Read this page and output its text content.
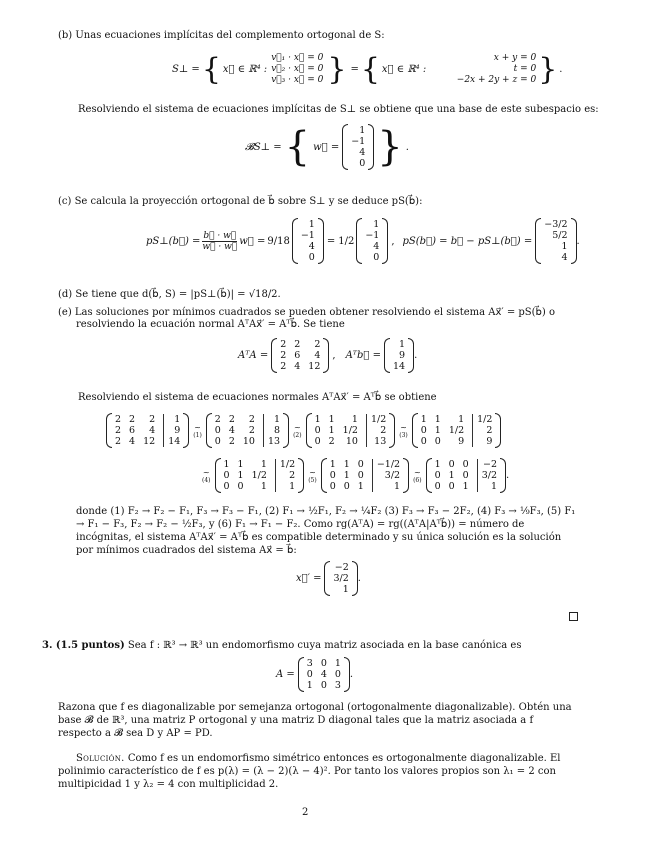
(b) Unas ecuaciones implícitas del complemento ortogonal de S:
S⊥ = { x⃗ ∈ ℝ⁴ :
v⃗₁ · x⃗ = 0
v⃗₂ · x⃗ = 0
v⃗₃ · x⃗ = 0 } = { x⃗ ∈ ℝ⁴ :
x + y = 0
t = 0
−2x + 2y + z = 0 } .
Resolviendo el sistema de ecuaciones implícitas de S⊥ se obtiene que una base de este subespacio es:
𝓑S⊥ = { w⃗ =
1
−1
4
0 } .
(c) Se calcula la proyección ortogonal de b⃗ sobre S⊥ y se deduce pS(b⃗):
pS⊥(b⃗) = b⃗ · w⃗
w⃗ · w⃗ w⃗ = 9/18
1
−1
4
0
= 1/2
1
−1
4
0
, pS(b⃗) = b⃗ − pS⊥(b⃗) =
−3/2
5/2
1
4
.
(d) Se tiene que d(b⃗, S) = |pS⊥(b⃗)| = √18/2.
(e) Las soluciones por mínimos cuadrados se pueden obtener resolviendo el sistema Ax⃗′ = pS(b⃗) o resolviendo la ecuación normal AᵀAx⃗′ = Aᵀb⃗. Se tiene
AᵀA =
2 2	2
2 6	4
2 4 12
, Aᵀb⃗ =
1
9
14
.
Resolviendo el sistema de ecuaciones normales AᵀAx⃗′ = Aᵀb⃗ se obtiene
2 2	2	1
2 6	4	9
2 4 12	14
~
(1)
2 2	2	1
0 4	2	8
0 2 10	13
~
(2)
1 1	1	1/2
0 1 1/2	2
0 2	10	13
~
(3)
1 1	1	1/2
0 1 1/2	2
0 0	9	9
~
(4)
1 1	1	1/2
0 1 1/2	2
0 0	1	1
~
(5)
1 1 0	−1/2
0 1 0	3/2
0 0 1	1
~
(6)
1 0 0	−2
0 1 0	3/2
0 0 1	1
.
donde (1) F₂ → F₂ − F₁, F₃ → F₃ − F₁, (2) F₁ → ½F₁, F₂ → ¼F₂ (3) F₃ → F₃ − 2F₂, (4) F₃ → ⅑F₃, (5) F₁ → F₁ − F₃, F₂ → F₂ − ½F₃, y (6) F₁ → F₁ − F₂. Como rg(AᵀA) = rg((AᵀA|Aᵀb⃗)) = número de incógnitas, el sistema AᵀAx⃗′ = Aᵀb⃗ es compatible determinado y su única solución es la solución por mínimos cuadrados del sistema Ax⃗ = b⃗:
x⃗′ =
−2
3/2
1
.
3. (1.5 puntos) Sea f : ℝ³ → ℝ³ un endomorfismo cuya matriz asociada en la base canónica es
A =
3 0 1
0 4 0
1 0 3
.
Razona que f es diagonalizable por semejanza ortogonal (ortogonalmente diagonalizable). Obtén una base 𝓑 de ℝ³, una matriz P ortogonal y una matriz D diagonal tales que la matriz asociada a f respecto a 𝓑 sea D y AP = PD.
Solución. Como f es un endomorfismo simétrico entonces es ortogonalmente diagonalizable. El polinimio característico de f es p(λ) = (λ − 2)(λ − 4)². Por tanto los valores propios son λ₁ = 2 con multipicidad 1 y λ₂ = 4 con multiplicidad 2.
2
